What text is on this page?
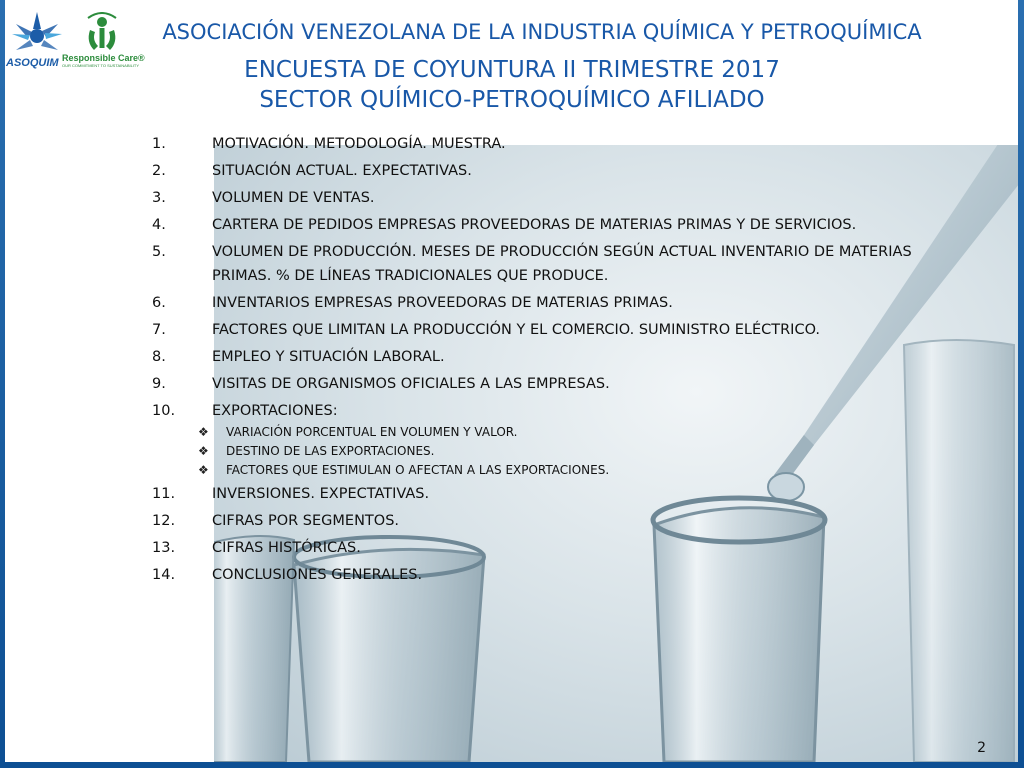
ASOQUIM Responsible Care®
OUR COMMITMENT TO SUSTAINABILITY
ASOCIACIÓN VENEZOLANA DE LA INDUSTRIA QUÍMICA Y PETROQUÍMICA
ENCUESTA DE COYUNTURA II TRIMESTRE 2017
SECTOR QUÍMICO-PETROQUÍMICO AFILIADO
1.	MOTIVACIÓN. METODOLOGÍA. MUESTRA.
2.	SITUACIÓN ACTUAL. EXPECTATIVAS.
3.	VOLUMEN DE VENTAS.
4.	CARTERA DE PEDIDOS EMPRESAS PROVEEDORAS DE MATERIAS PRIMAS Y DE SERVICIOS.
5.	VOLUMEN DE PRODUCCIÓN. MESES DE PRODUCCIÓN SEGÚN ACTUAL INVENTARIO DE MATERIAS PRIMAS. % DE LÍNEAS TRADICIONALES QUE PRODUCE.
6.	INVENTARIOS EMPRESAS PROVEEDORAS DE MATERIAS PRIMAS.
7.	FACTORES QUE LIMITAN LA PRODUCCIÓN Y EL COMERCIO. SUMINISTRO ELÉCTRICO.
8.	EMPLEO Y SITUACIÓN LABORAL.
9.	VISITAS DE ORGANISMOS OFICIALES A LAS EMPRESAS.
10.	EXPORTACIONES:
❖ VARIACIÓN PORCENTUAL EN VOLUMEN Y VALOR.
❖ DESTINO DE LAS EXPORTACIONES.
❖ FACTORES QUE ESTIMULAN O AFECTAN A LAS EXPORTACIONES.
11.	INVERSIONES. EXPECTATIVAS.
12.	CIFRAS POR SEGMENTOS.
13.	CIFRAS HISTÓRICAS.
14.	CONCLUSIONES GENERALES.
2
